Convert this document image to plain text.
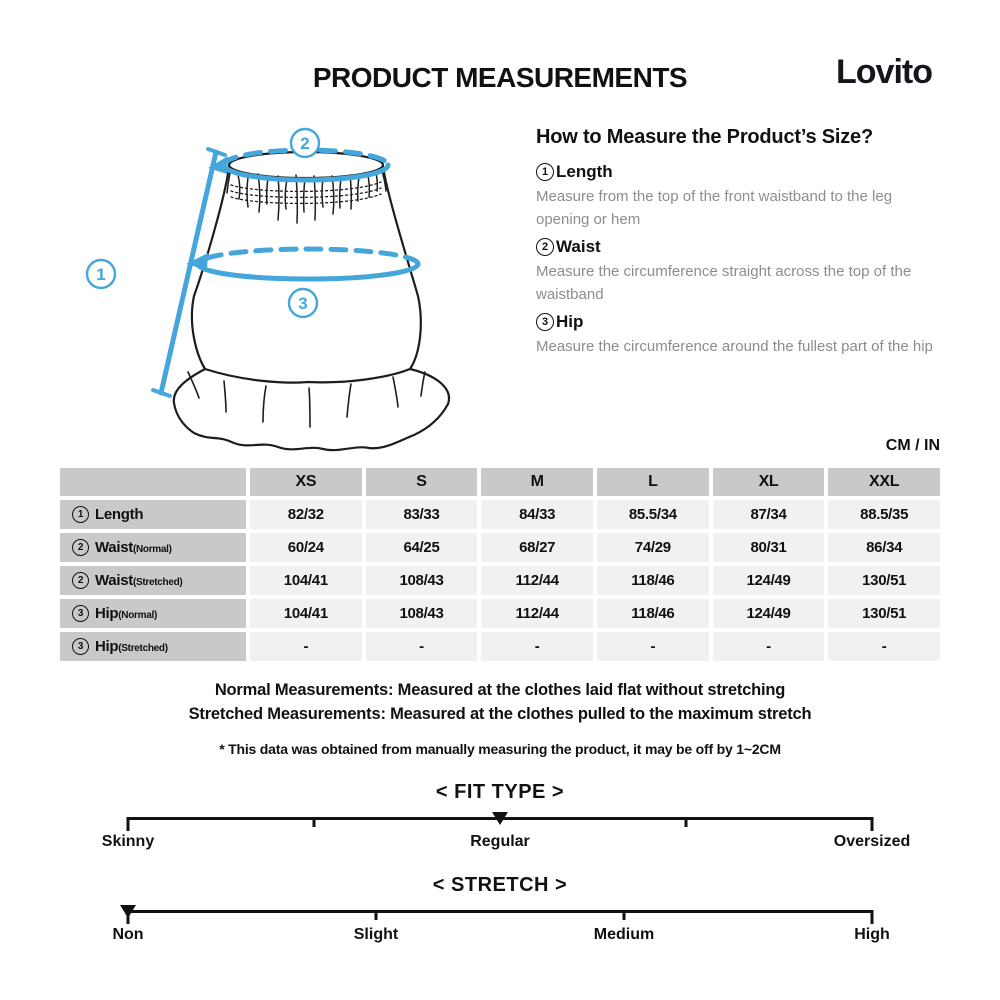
PRODUCT MEASUREMENTS	Lovito
1
2
3
How to Measure the Product’s Size?
1 Length
Measure from the top of the front waistband to the leg opening or hem
2 Waist
Measure the circumference straight across the top of the waistband
3 Hip
Measure the circumference around the fullest part of the hip
CM / IN
XS	S	M	L	XL	XXL
1 Length	82/32	83/33	84/33	85.5/34	87/34	88.5/35
2 Waist (Normal)	60/24	64/25	68/27	74/29	80/31	86/34
2 Waist (Stretched)	104/41	108/43	112/44	118/46	124/49	130/51
3 Hip (Normal)	104/41	108/43	112/44	118/46	124/49	130/51
3 Hip (Stretched)	-	-	-	-	-	-
Normal Measurements: Measured at the clothes laid flat without stretching
Stretched Measurements: Measured at the clothes pulled to the maximum stretch
* This data was obtained from manually measuring the product, it may be off by 1~2CM
< FIT TYPE >
Skinny	Regular	Oversized
< STRETCH >
Non	Slight	Medium	High
